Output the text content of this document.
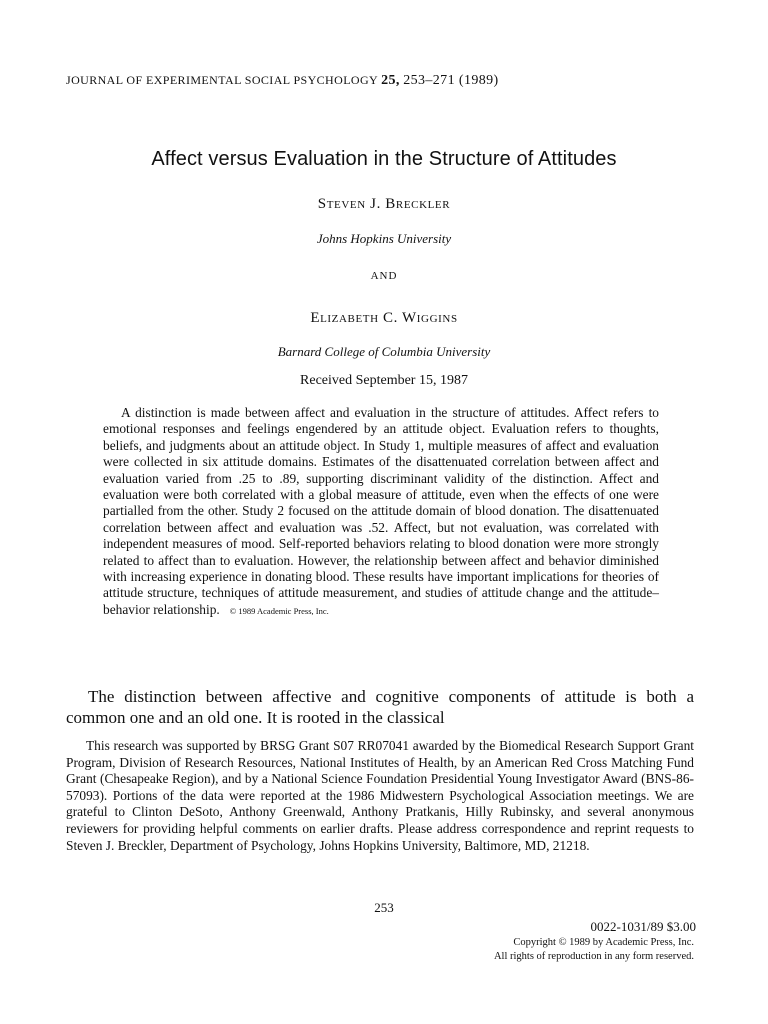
JOURNAL OF EXPERIMENTAL SOCIAL PSYCHOLOGY 25, 253–271 (1989)
Affect versus Evaluation in the Structure of Attitudes
Steven J. Breckler
Johns Hopkins University
AND
Elizabeth C. Wiggins
Barnard College of Columbia University
Received September 15, 1987

A distinction is made between affect and evaluation in the structure of attitudes. Affect refers to emotional responses and feelings engendered by an attitude object. Evaluation refers to thoughts, beliefs, and judgments about an attitude object. In Study 1, multiple measures of affect and evaluation were collected in six attitude domains. Estimates of the disattenuated correlation between affect and evaluation varied from .25 to .89, supporting discriminant validity of the distinction. Affect and evaluation were both correlated with a global measure of attitude, even when the effects of one were partialled from the other. Study 2 focused on the attitude domain of blood donation. The disattenuated correlation between affect and evaluation was .52. Affect, but not evaluation, was correlated with independent measures of mood. Self-reported behaviors relating to blood donation were more strongly related to affect than to evaluation. However, the relationship between affect and behavior diminished with increasing experience in donating blood. These results have important implications for theories of attitude structure, techniques of attitude measurement, and studies of attitude change and the attitude–behavior relationship. © 1989 Academic Press, Inc.

The distinction between affective and cognitive components of attitude is both a common one and an old one. It is rooted in the classical

This research was supported by BRSG Grant S07 RR07041 awarded by the Biomedical Research Support Grant Program, Division of Research Resources, National Institutes of Health, by an American Red Cross Matching Fund Grant (Chesapeake Region), and by a National Science Foundation Presidential Young Investigator Award (BNS-86-57093). Portions of the data were reported at the 1986 Midwestern Psychological Association meetings. We are grateful to Clinton DeSoto, Anthony Greenwald, Anthony Pratkanis, Hilly Rubinsky, and several anonymous reviewers for providing helpful comments on earlier drafts. Please address correspondence and reprint requests to Steven J. Breckler, Department of Psychology, Johns Hopkins University, Baltimore, MD, 21218.

253
0022-1031/89 $3.00
Copyright © 1989 by Academic Press, Inc.
All rights of reproduction in any form reserved.
